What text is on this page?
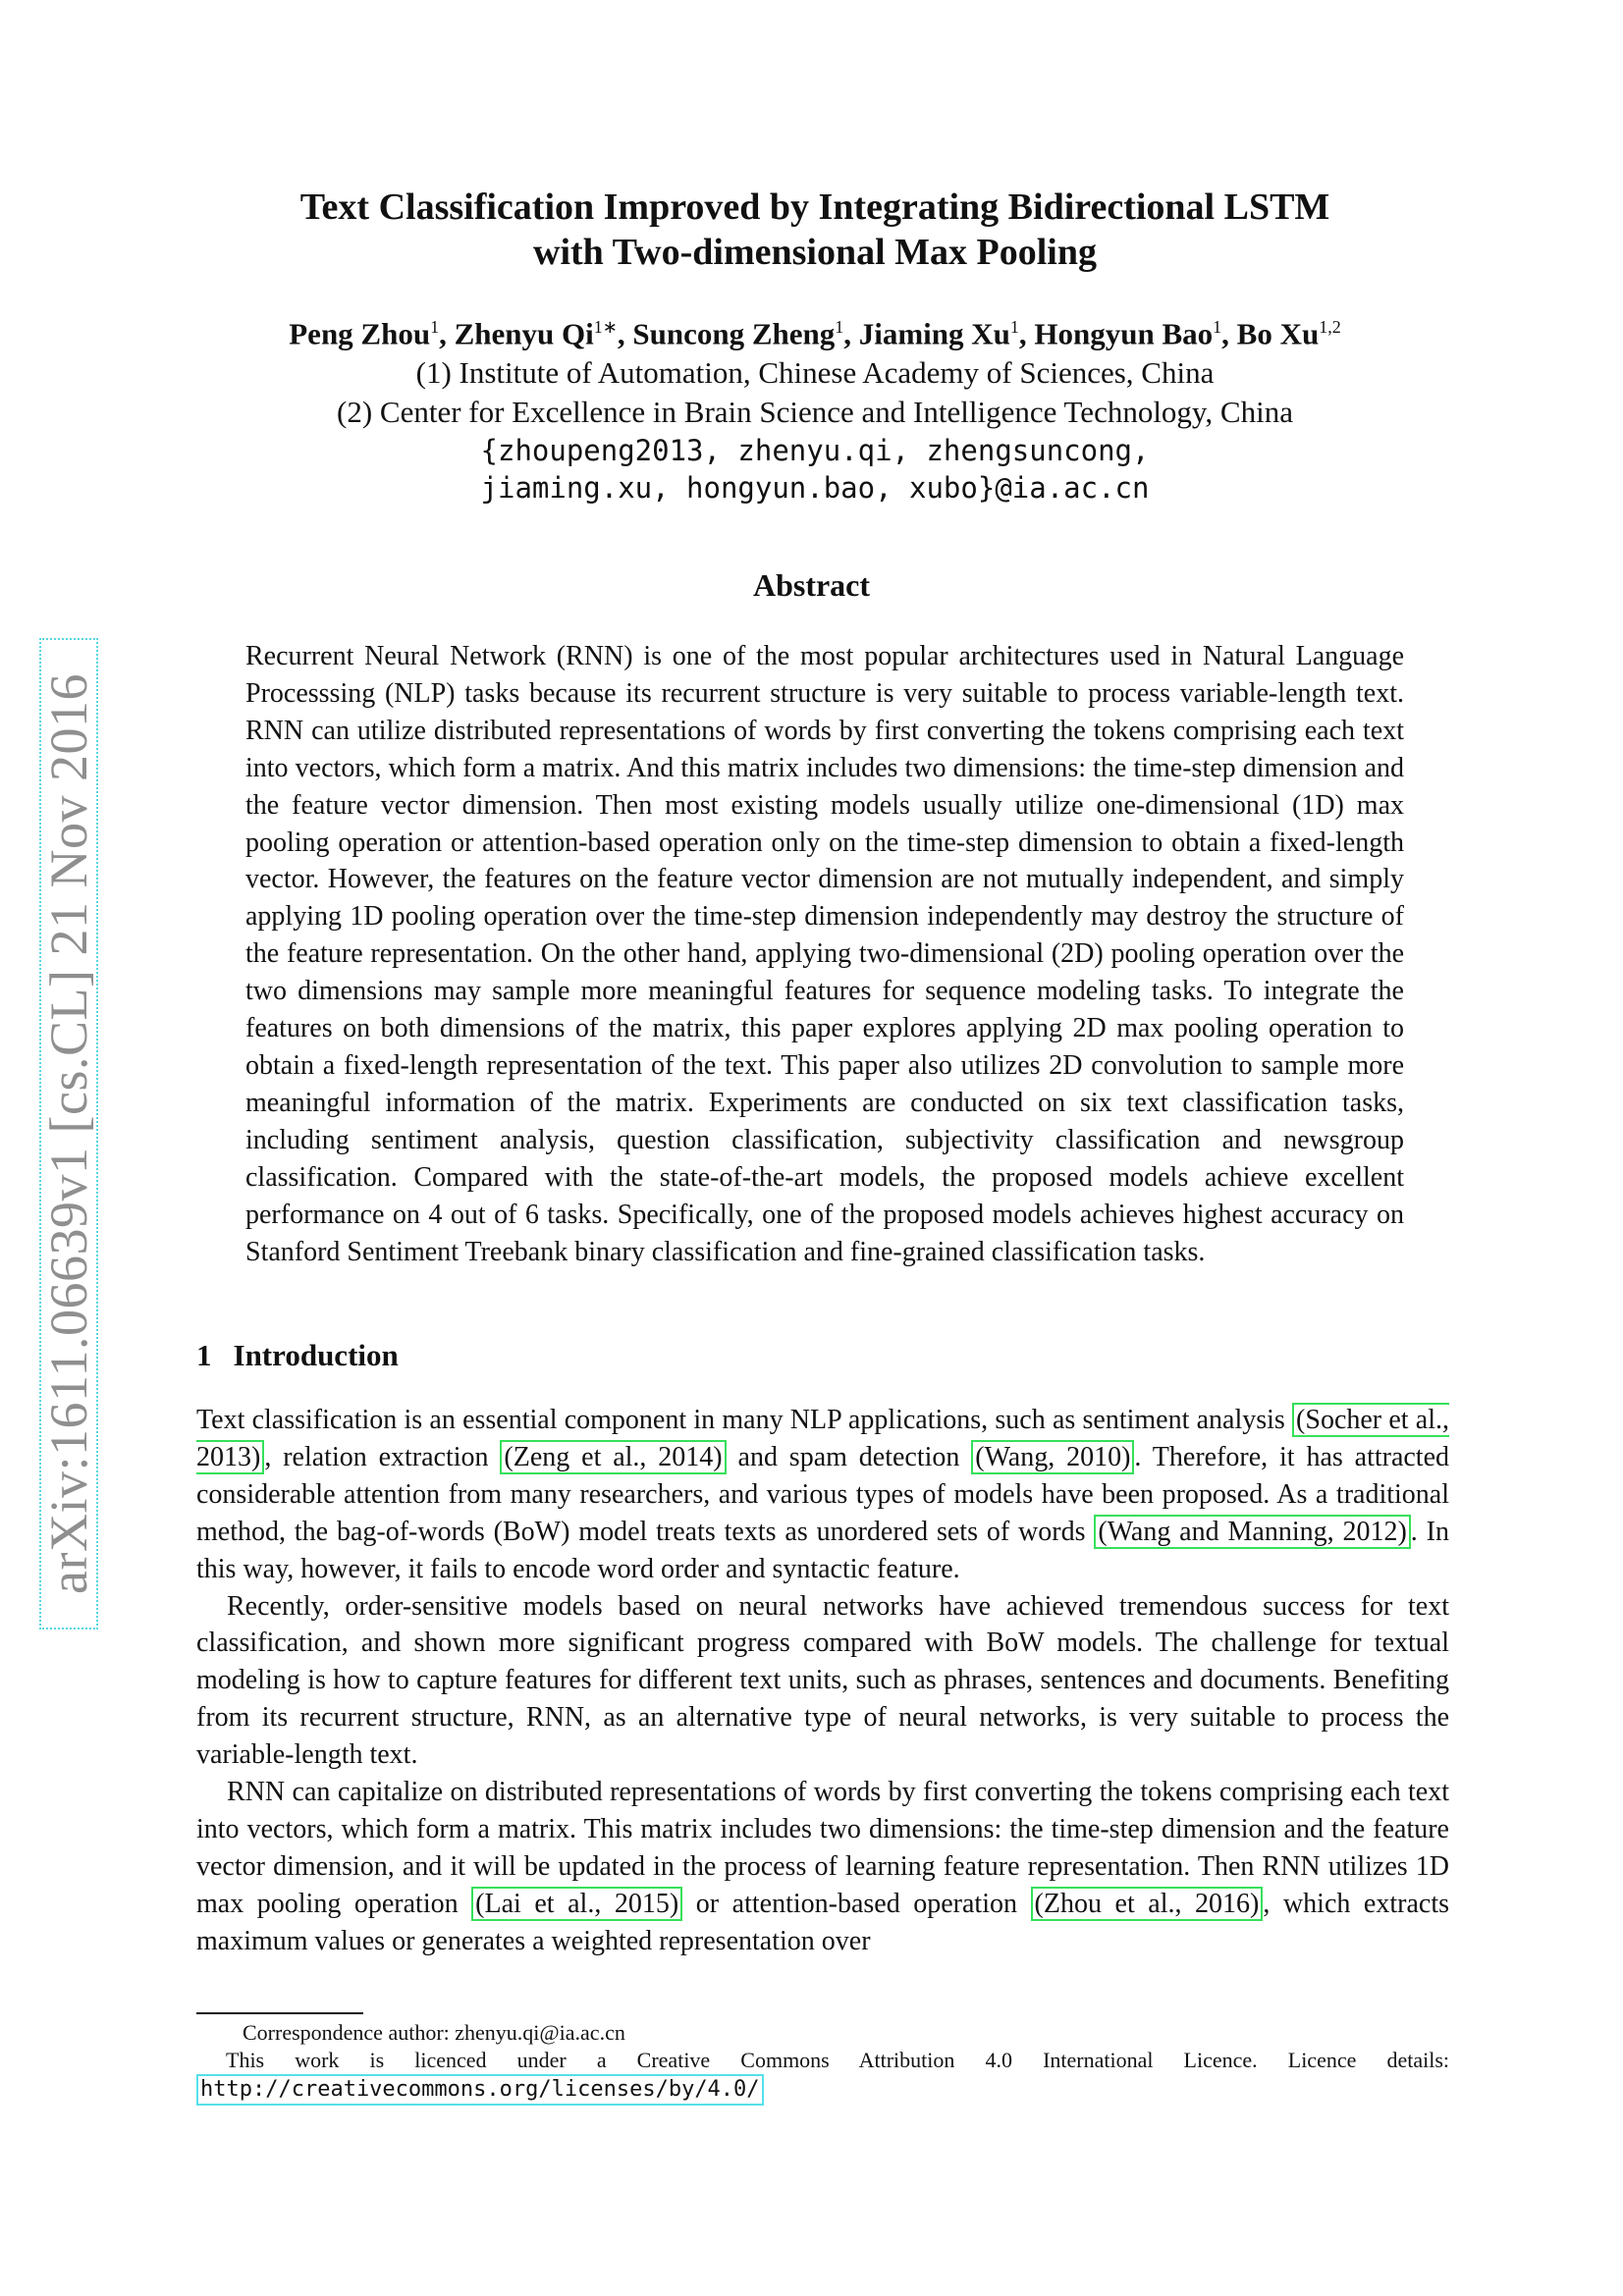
arXiv:1611.06639v1 [cs.CL] 21 Nov 2016
Text Classification Improved by Integrating Bidirectional LSTM
with Two-dimensional Max Pooling
Peng Zhou$^1$, Zhenyu $Qi^{1∗}$, Suncong Zheng$^1$, Jiaming Xu$^1$, Hongyun Bao$^1$, Bo Xu$^{1,2}$
(1) Institute of Automation, Chinese Academy of Sciences, China
(2) Center for Excellence in Brain Science and Intelligence Technology, China
{zhoupeng2013, zhenyu.qi, zhengsuncong,
jiaming.xu, hongyun.bao, xubo}@ia.ac.cn
Abstract
Recurrent Neural Network (RNN) is one of the most popular architectures used in Natural Language Processsing (NLP) tasks because its recurrent structure is very suitable to process variable-length text. RNN can utilize distributed representations of words by first converting the tokens comprising each text into vectors, which form a matrix. And this matrix includes two dimensions: the time-step dimension and the feature vector dimension. Then most existing models usually utilize one-dimensional (1D) max pooling operation or attention-based operation only on the time-step dimension to obtain a fixed-length vector. However, the features on the feature vector dimension are not mutually independent, and simply applying 1D pooling operation over the time-step dimension independently may destroy the structure of the feature representation. On the other hand, applying two-dimensional (2D) pooling operation over the two dimensions may sample more meaningful features for sequence modeling tasks. To integrate the features on both dimensions of the matrix, this paper explores applying 2D max pooling operation to obtain a fixed-length representation of the text. This paper also utilizes 2D convolution to sample more meaningful information of the matrix. Experiments are conducted on six text classification tasks, including sentiment analysis, question classification, subjectivity classification and newsgroup classification. Compared with the state-of-the-art models, the proposed models achieve excellent performance on 4 out of 6 tasks. Specifically, one of the proposed models achieves highest accuracy on Stanford Sentiment Treebank binary classification and fine-grained classification tasks.
1 Introduction

Text classification is an essential component in many NLP applications, such as sentiment analysis (Socher et al., 2013) , relation extraction (Zeng et al., 2014) and spam detection (Wang, 2010) . Therefore, it has attracted considerable attention from many researchers, and various types of models have been proposed. As a traditional method, the bag-of-words (BoW) model treats texts as unordered sets of words (Wang and Manning, 2012) . In this way, however, it fails to encode word order and syntactic feature.

Recently, order-sensitive models based on neural networks have achieved tremendous success for text classification, and shown more significant progress compared with BoW models. The challenge for textual modeling is how to capture features for different text units, such as phrases, sentences and documents. Benefiting from its recurrent structure, RNN, as an alternative type of neural networks, is very suitable to process the variable-length text.

RNN can capitalize on distributed representations of words by first converting the tokens comprising each text into vectors, which form a matrix. This matrix includes two dimensions: the time-step dimension and the feature vector dimension, and it will be updated in the process of learning feature representation. Then RNN utilizes 1D max pooling operation (Lai et al., 2015) or attention-based operation (Zhou et al., 2016) , which extracts maximum values or generates a weighted representation over

Correspondence author: zhenyu.qi@ia.ac.cn
This work is licenced under a Creative Commons Attribution 4.0 International Licence. Licence details:
http://creativecommons.org/licenses/by/4.0/
